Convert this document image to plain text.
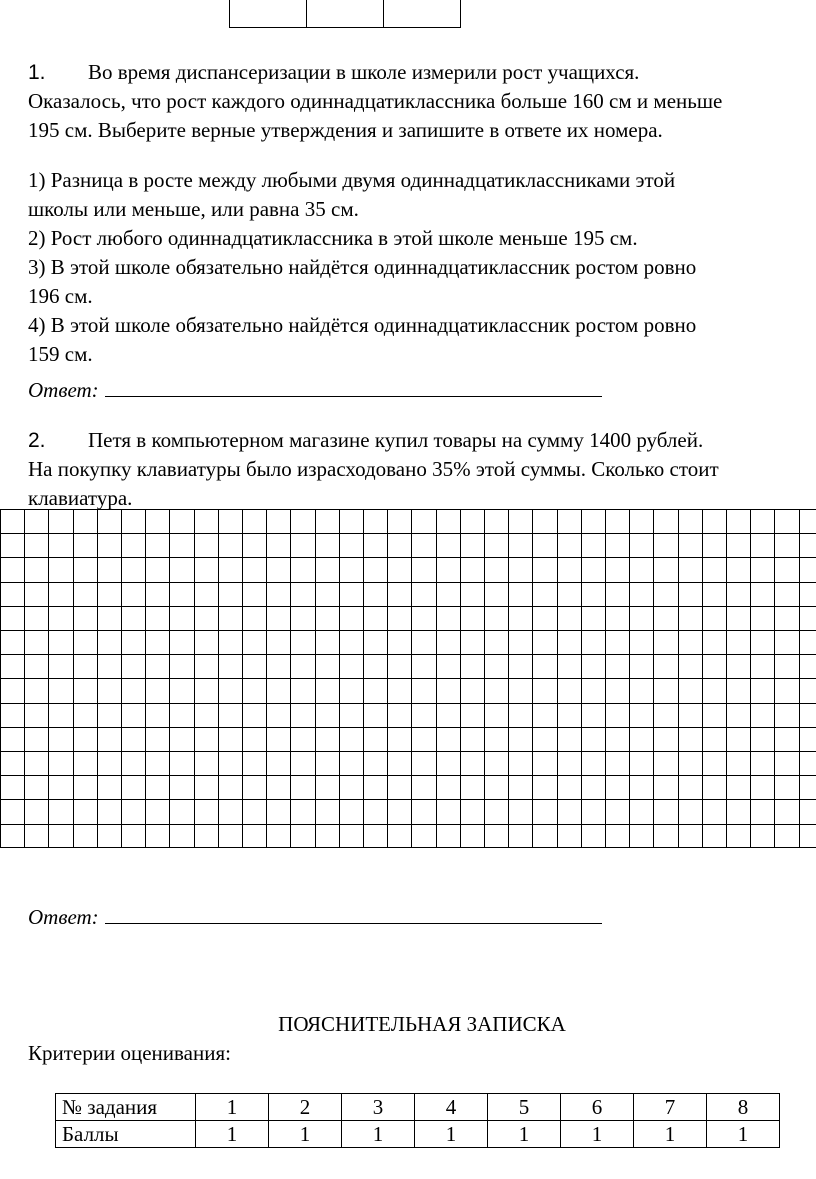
1. Во время диспансеризации в школе измерили рост учащихся.
Оказалось, что рост каждого одиннадцатиклассника больше 160 см и меньше
195 см. Выберите верные утверждения и запишите в ответе их номера.
1) Разница в росте между любыми двумя одиннадцатиклассниками этой
школы или меньше, или равна 35 см.
2) Рост любого одиннадцатиклассника в этой школе меньше 195 см.
3) В этой школе обязательно найдётся одиннадцатиклассник ростом ровно
196 см.
4) В этой школе обязательно найдётся одиннадцатиклассник ростом ровно
159 см.
Ответ:
2. Петя в компьютерном магазине купил товары на сумму 1400 рублей.
На покупку клавиатуры было израсходовано 35% этой суммы. Сколько стоит
клавиатура.
Ответ:
ПОЯСНИТЕЛЬНАЯ ЗАПИСКА
Критерии оценивания:
№ задания	1	2	3	4	5	6	7	8
Баллы	1	1	1	1	1	1	1	1
